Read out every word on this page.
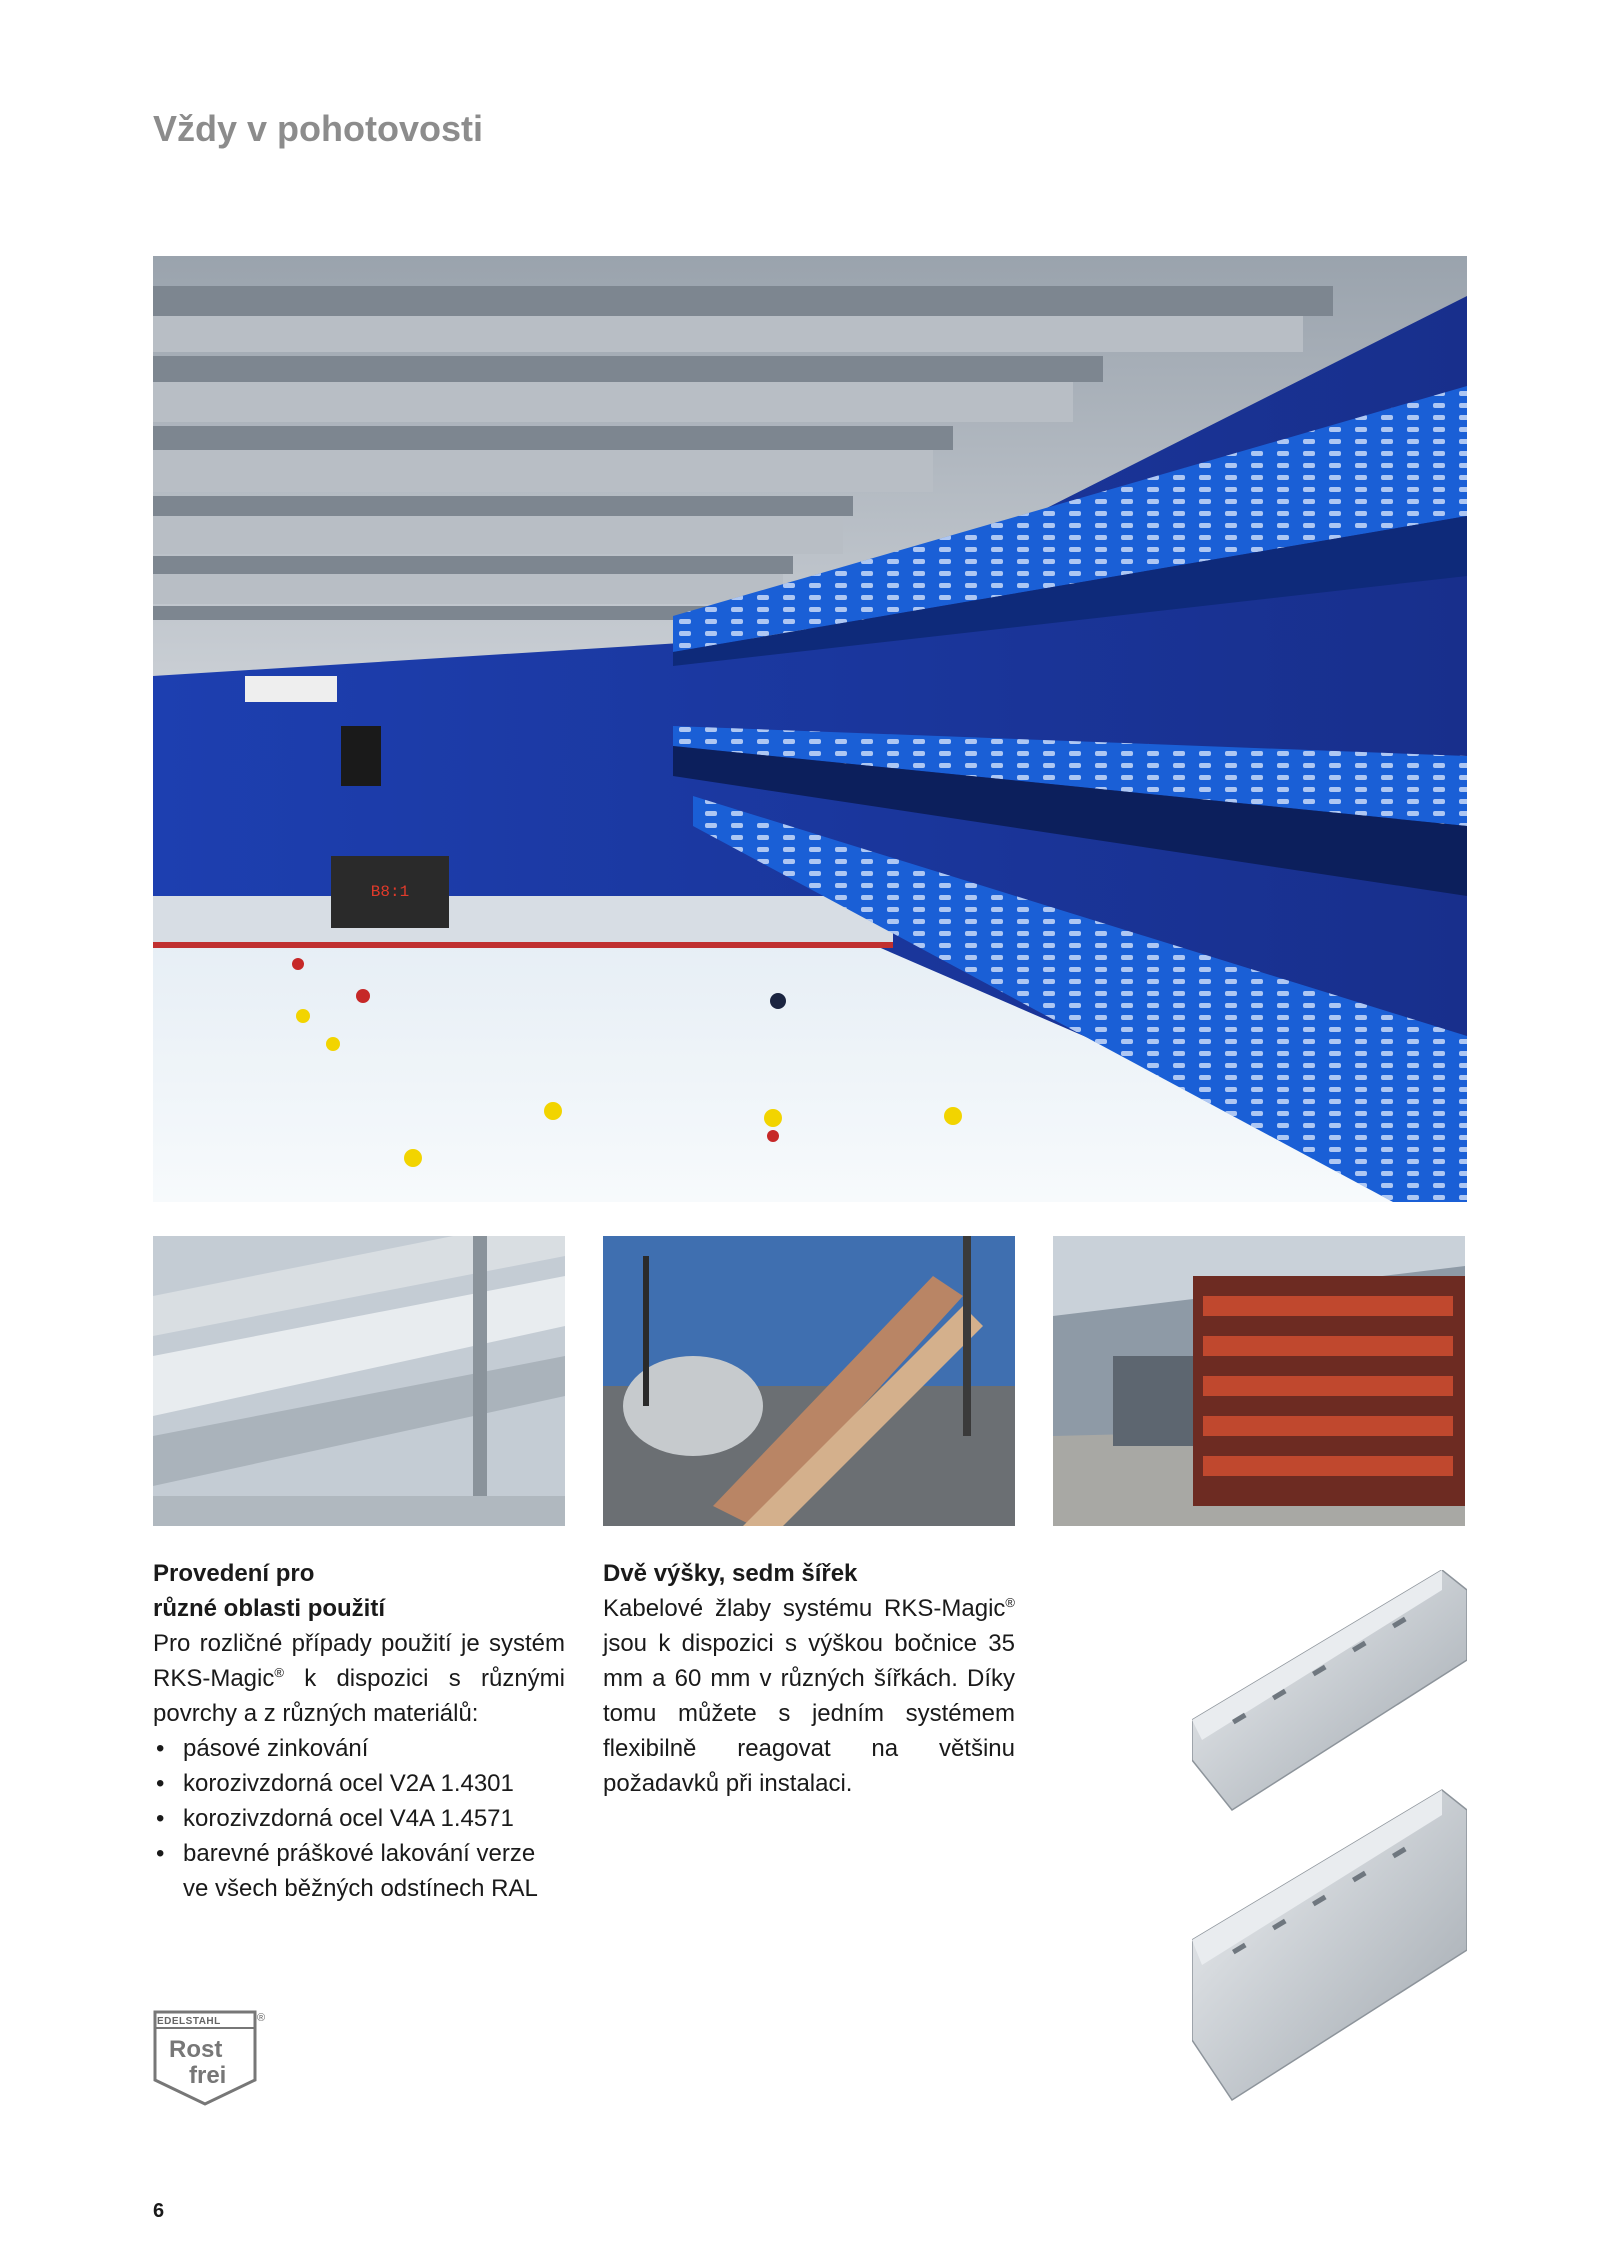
Vždy v pohotovosti
B8:1
Provedení pro
různé oblasti použití

Pro rozličné případy použití je systém RKS-Magic® k dispozici s různými povrchy a z různých materiálů:

• pásové zinkování
• korozivzdorná ocel V2A 1.4301
• korozivzdorná ocel V4A 1.4571
• barevné práškové lakování verze ve všech běžných odstínech RAL
Dvě výšky, sedm šířek

Kabelové žlaby systému RKS-Magic® jsou k dispozici s výškou bočnice 35 mm a 60 mm v různých šířkách. Díky tomu můžete s jedním systémem flexibilně reagovat na většinu požadavků při instalaci.

EDELSTAHL
Rost
frei
®
6
